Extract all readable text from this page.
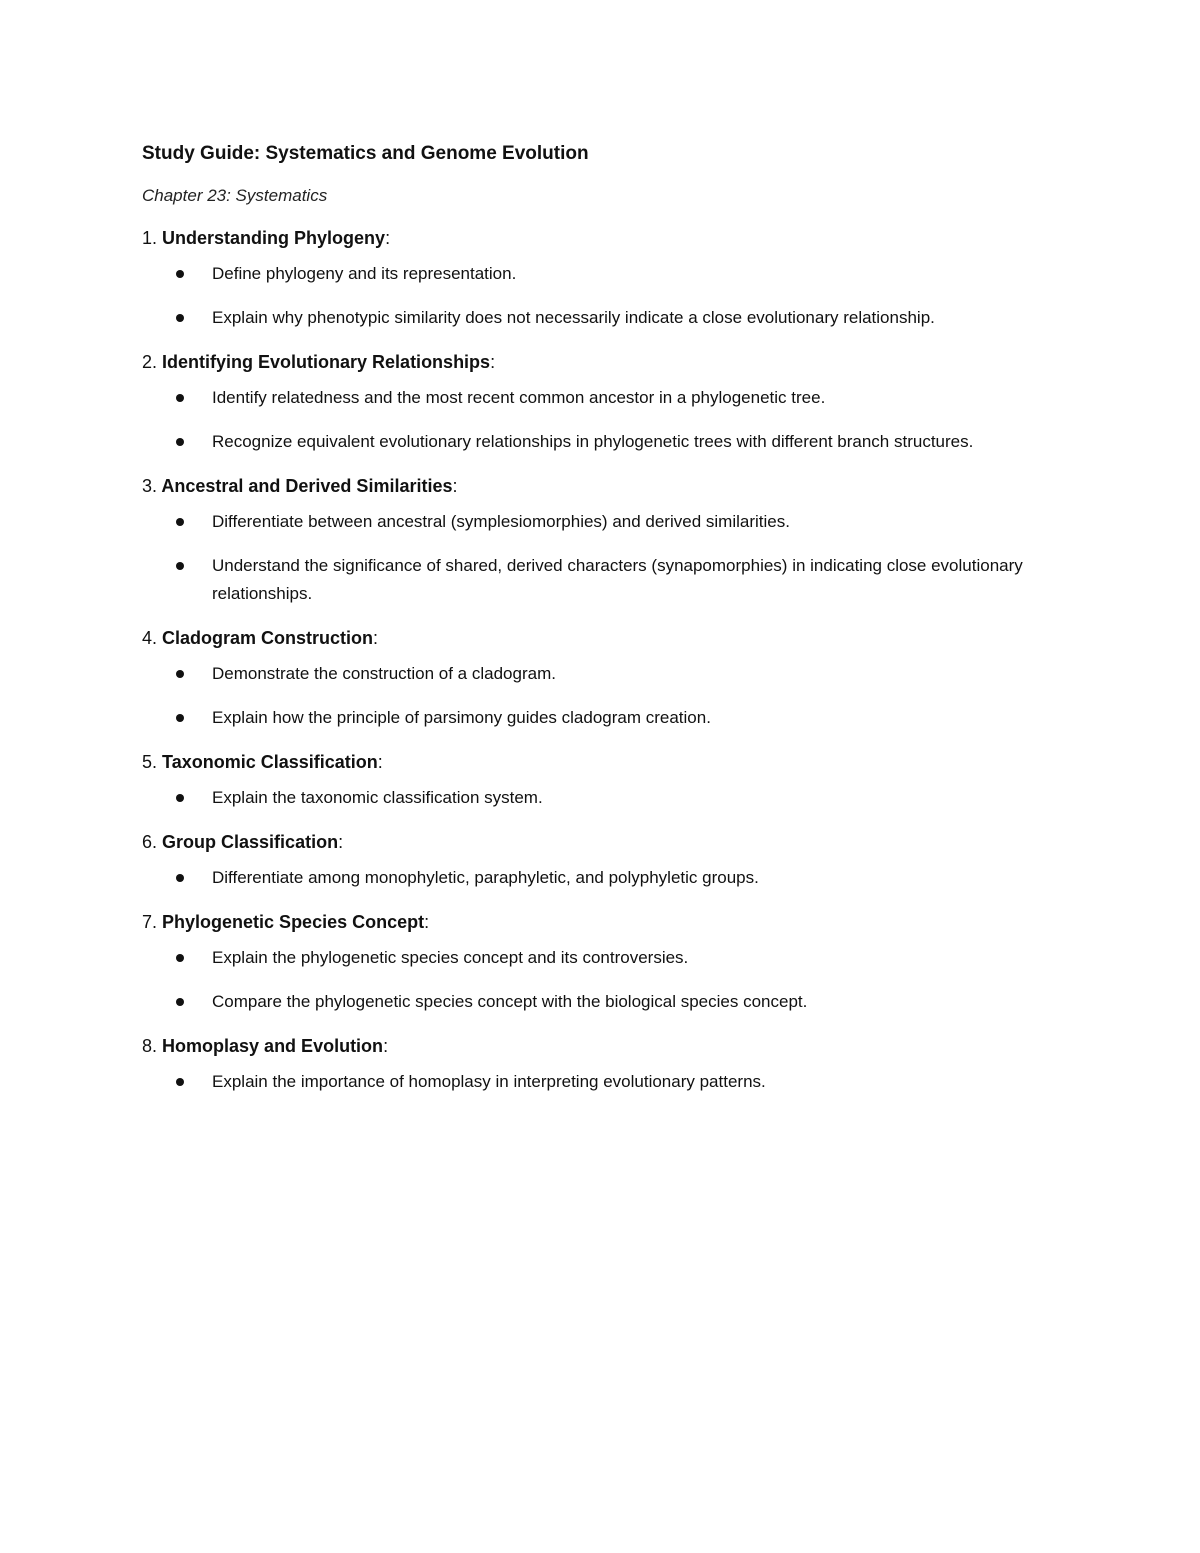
Study Guide: Systematics and Genome Evolution

Chapter 23: Systematics

1. Understanding Phylogeny:
Define phylogeny and its representation.
Explain why phenotypic similarity does not necessarily indicate a close evolutionary relationship.
2. Identifying Evolutionary Relationships:
Identify relatedness and the most recent common ancestor in a phylogenetic tree.
Recognize equivalent evolutionary relationships in phylogenetic trees with different branch structures.
3. Ancestral and Derived Similarities:
Differentiate between ancestral (symplesiomorphies) and derived similarities.
Understand the significance of shared, derived characters (synapomorphies) in indicating close evolutionary relationships.
4. Cladogram Construction:
Demonstrate the construction of a cladogram.
Explain how the principle of parsimony guides cladogram creation.
5. Taxonomic Classification:
Explain the taxonomic classification system.
6. Group Classification:
Differentiate among monophyletic, paraphyletic, and polyphyletic groups.
7. Phylogenetic Species Concept:
Explain the phylogenetic species concept and its controversies.
Compare the phylogenetic species concept with the biological species concept.
8. Homoplasy and Evolution:
Explain the importance of homoplasy in interpreting evolutionary patterns.
